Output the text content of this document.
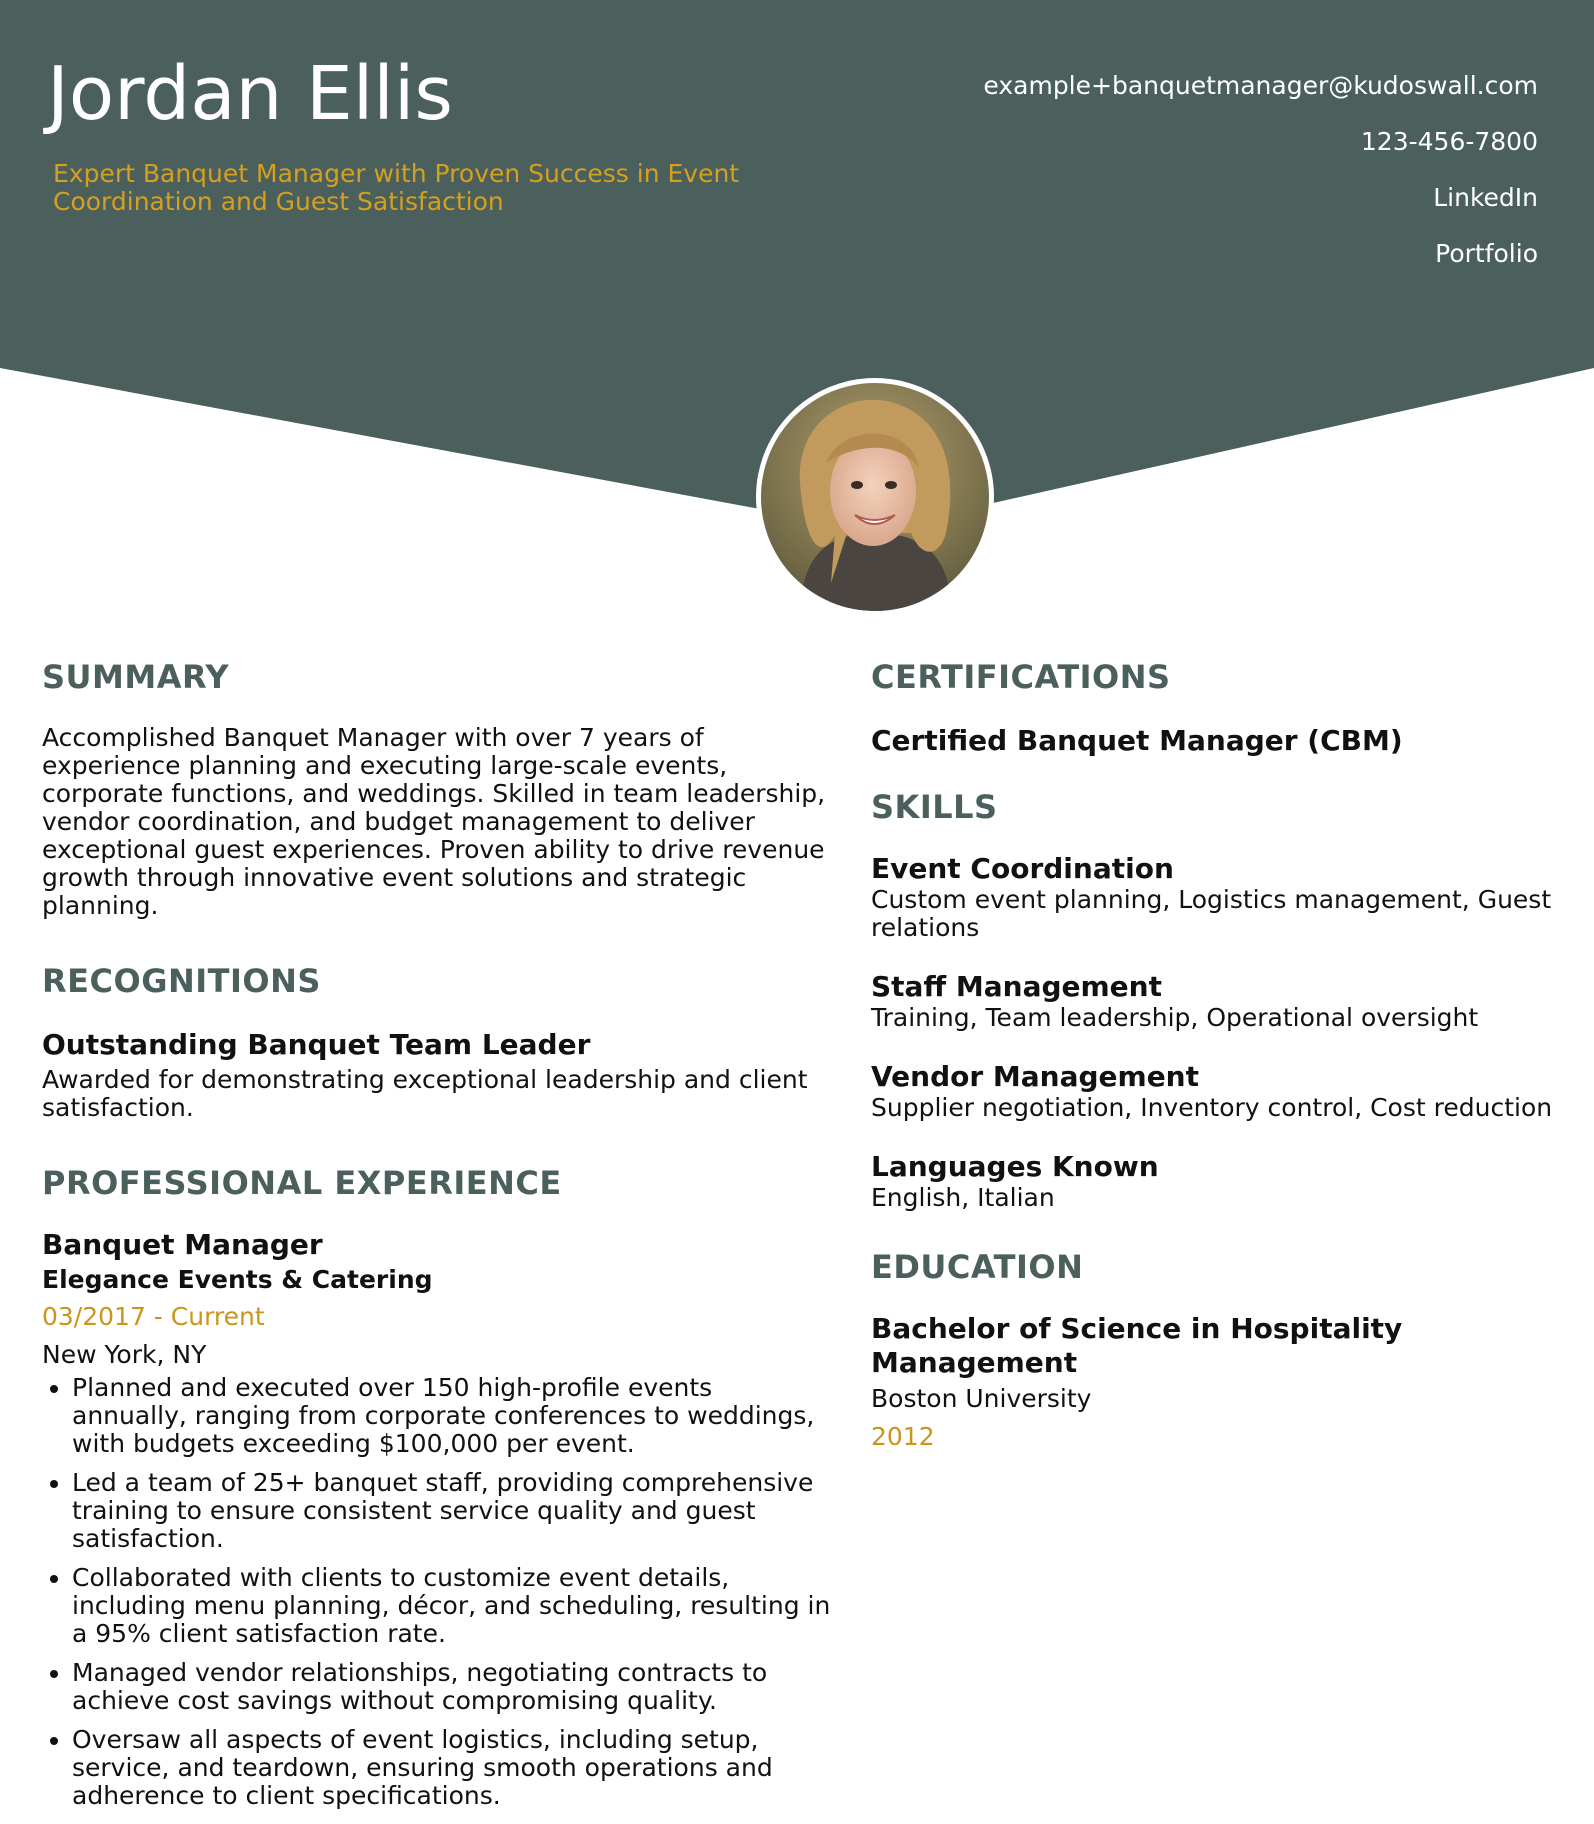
Jordan Ellis

Expert Banquet Manager with Proven Success in Event Coordination and Guest Satisfaction

example+banquetmanager@kudoswall.com
123-456-7800
LinkedIn
Portfolio
SUMMARY

Accomplished Banquet Manager with over 7 years of experience planning and executing large-scale events, corporate functions, and weddings. Skilled in team leadership, vendor coordination, and budget management to deliver exceptional guest experiences. Proven ability to drive revenue growth through innovative event solutions and strategic planning.

RECOGNITIONS

Outstanding Banquet Team Leader

Awarded for demonstrating exceptional leadership and client satisfaction.

PROFESSIONAL EXPERIENCE

Banquet Manager

Elegance Events & Catering

03/2017 - Current

New York, NY

• Planned and executed over 150 high-profile events annually, ranging from corporate conferences to weddings, with budgets exceeding $100,000 per event.
• Led a team of 25+ banquet staff, providing comprehensive training to ensure consistent service quality and guest satisfaction.
• Collaborated with clients to customize event details, including menu planning, décor, and scheduling, resulting in a 95% client satisfaction rate.
• Managed vendor relationships, negotiating contracts to achieve cost savings without compromising quality.
• Oversaw all aspects of event logistics, including setup, service, and teardown, ensuring smooth operations and adherence to client specifications.
CERTIFICATIONS

Certified Banquet Manager (CBM)

SKILLS

Event Coordination

Custom event planning, Logistics management, Guest relations

Staff Management

Training, Team leadership, Operational oversight

Vendor Management

Supplier negotiation, Inventory control, Cost reduction

Languages Known

English, Italian

EDUCATION

Bachelor of Science in Hospitality Management

Boston University

2012
